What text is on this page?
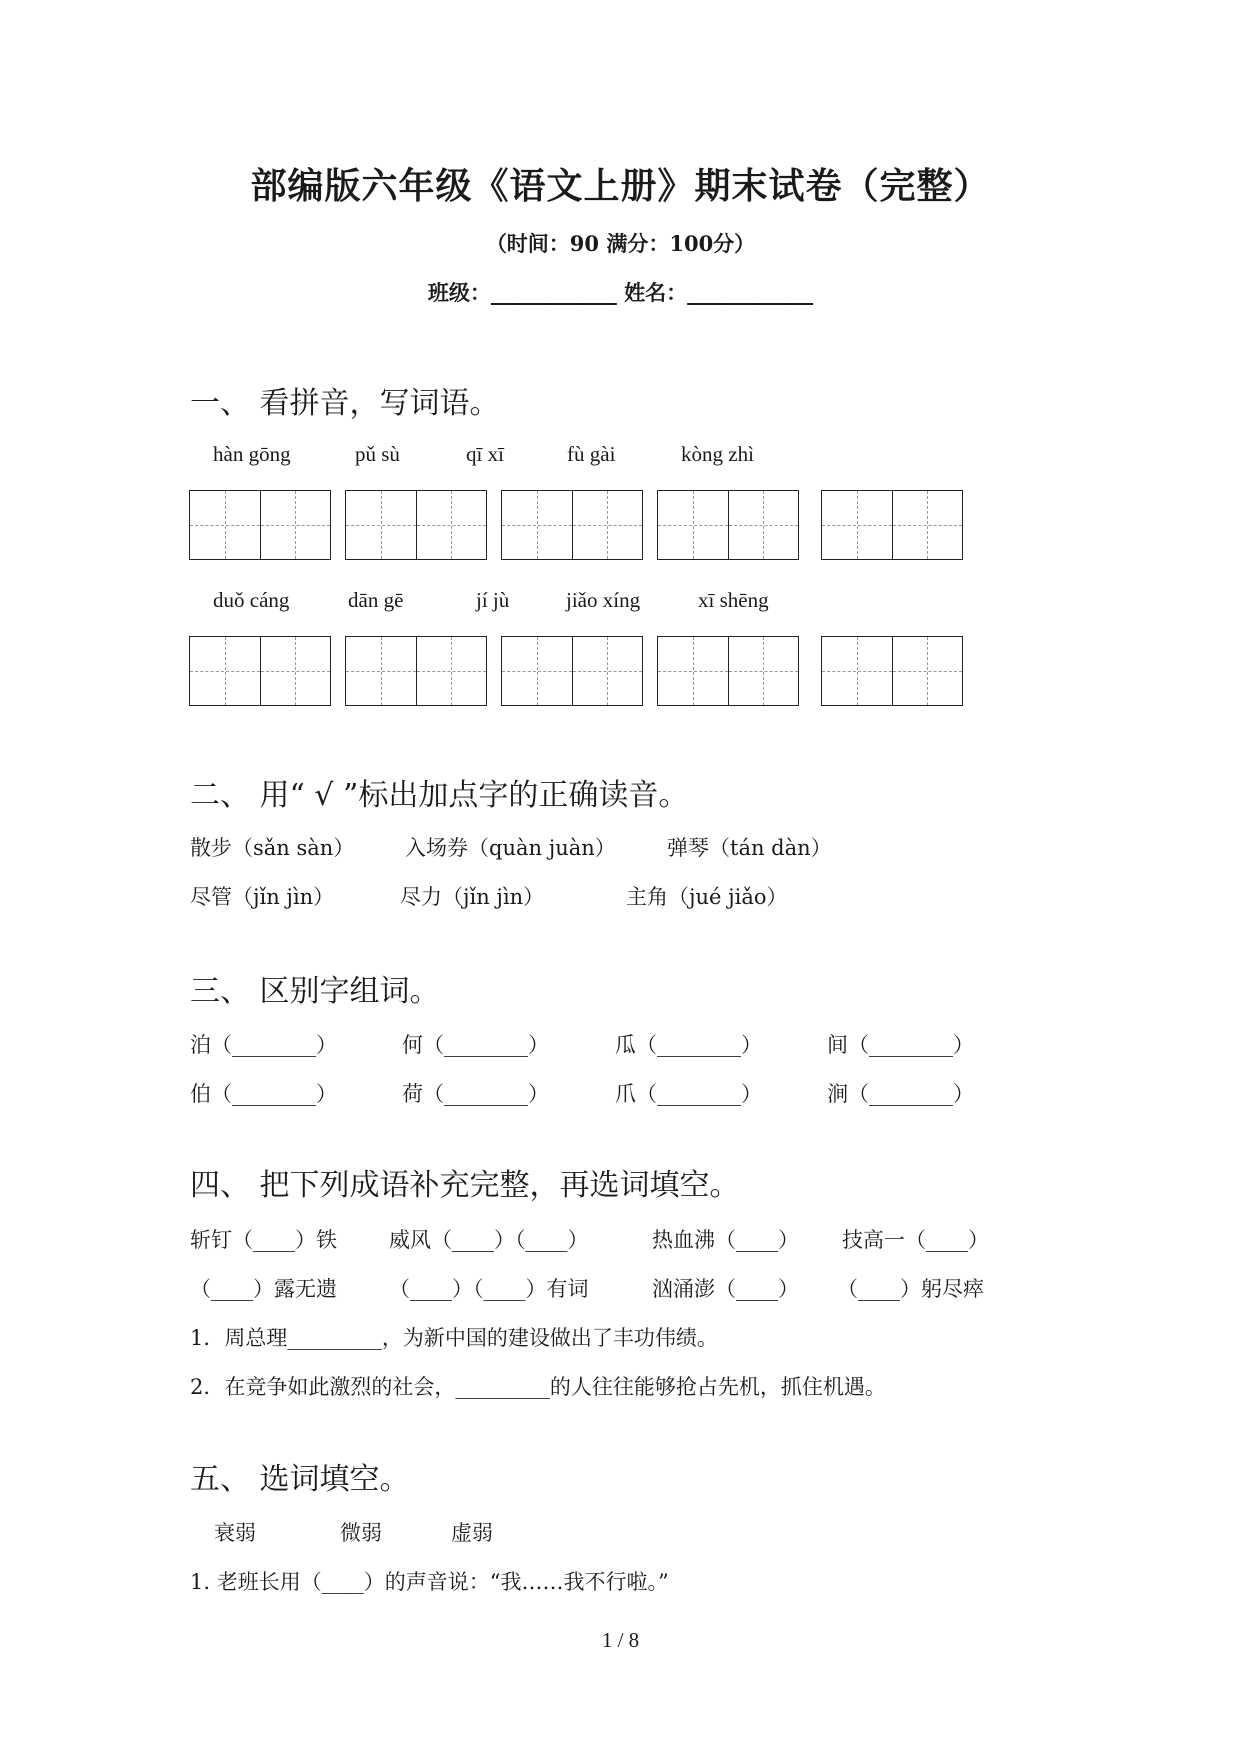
部编版六年级《语文上册》期末试卷（完整）
（时间：90 满分：100分）
班级：____________ 姓名：____________
一、 看拼音，写词语。
hàn gōng	pǔ sù	qī xī	fù gài	kòng zhì
duǒ cáng	dān gē	jí jù	jiǎo xíng	xī shēng
二、 用“ √ ”标出加点字的正确读音。
散步（sǎn sàn） 入场券（quàn juàn） 弹琴（tán dàn）
尽管（jǐn jìn）	尽力（jǐn jìn）	主角（jué jiǎo）
三、 区别字组词。
泊（________）	何（________）	瓜（________）	间（________）
伯（________）	荷（________）	爪（________）	涧（________）
四、 把下列成语补充完整，再选词填空。
斩钉（____）铁 威风（____）（____）	热血沸（____） 技高一（____）
（____）露无遗 （____）（____）有词	汹涌澎（____） （____）躬尽瘁
1．周总理_________，为新中国的建设做出了丰功伟绩。
2．在竞争如此激烈的社会，_________的人往往能够抢占先机，抓住机遇。
五、 选词填空。
衰弱	微弱	虚弱
1. 老班长用（____）的声音说：“我……我不行啦。”
1 / 8
